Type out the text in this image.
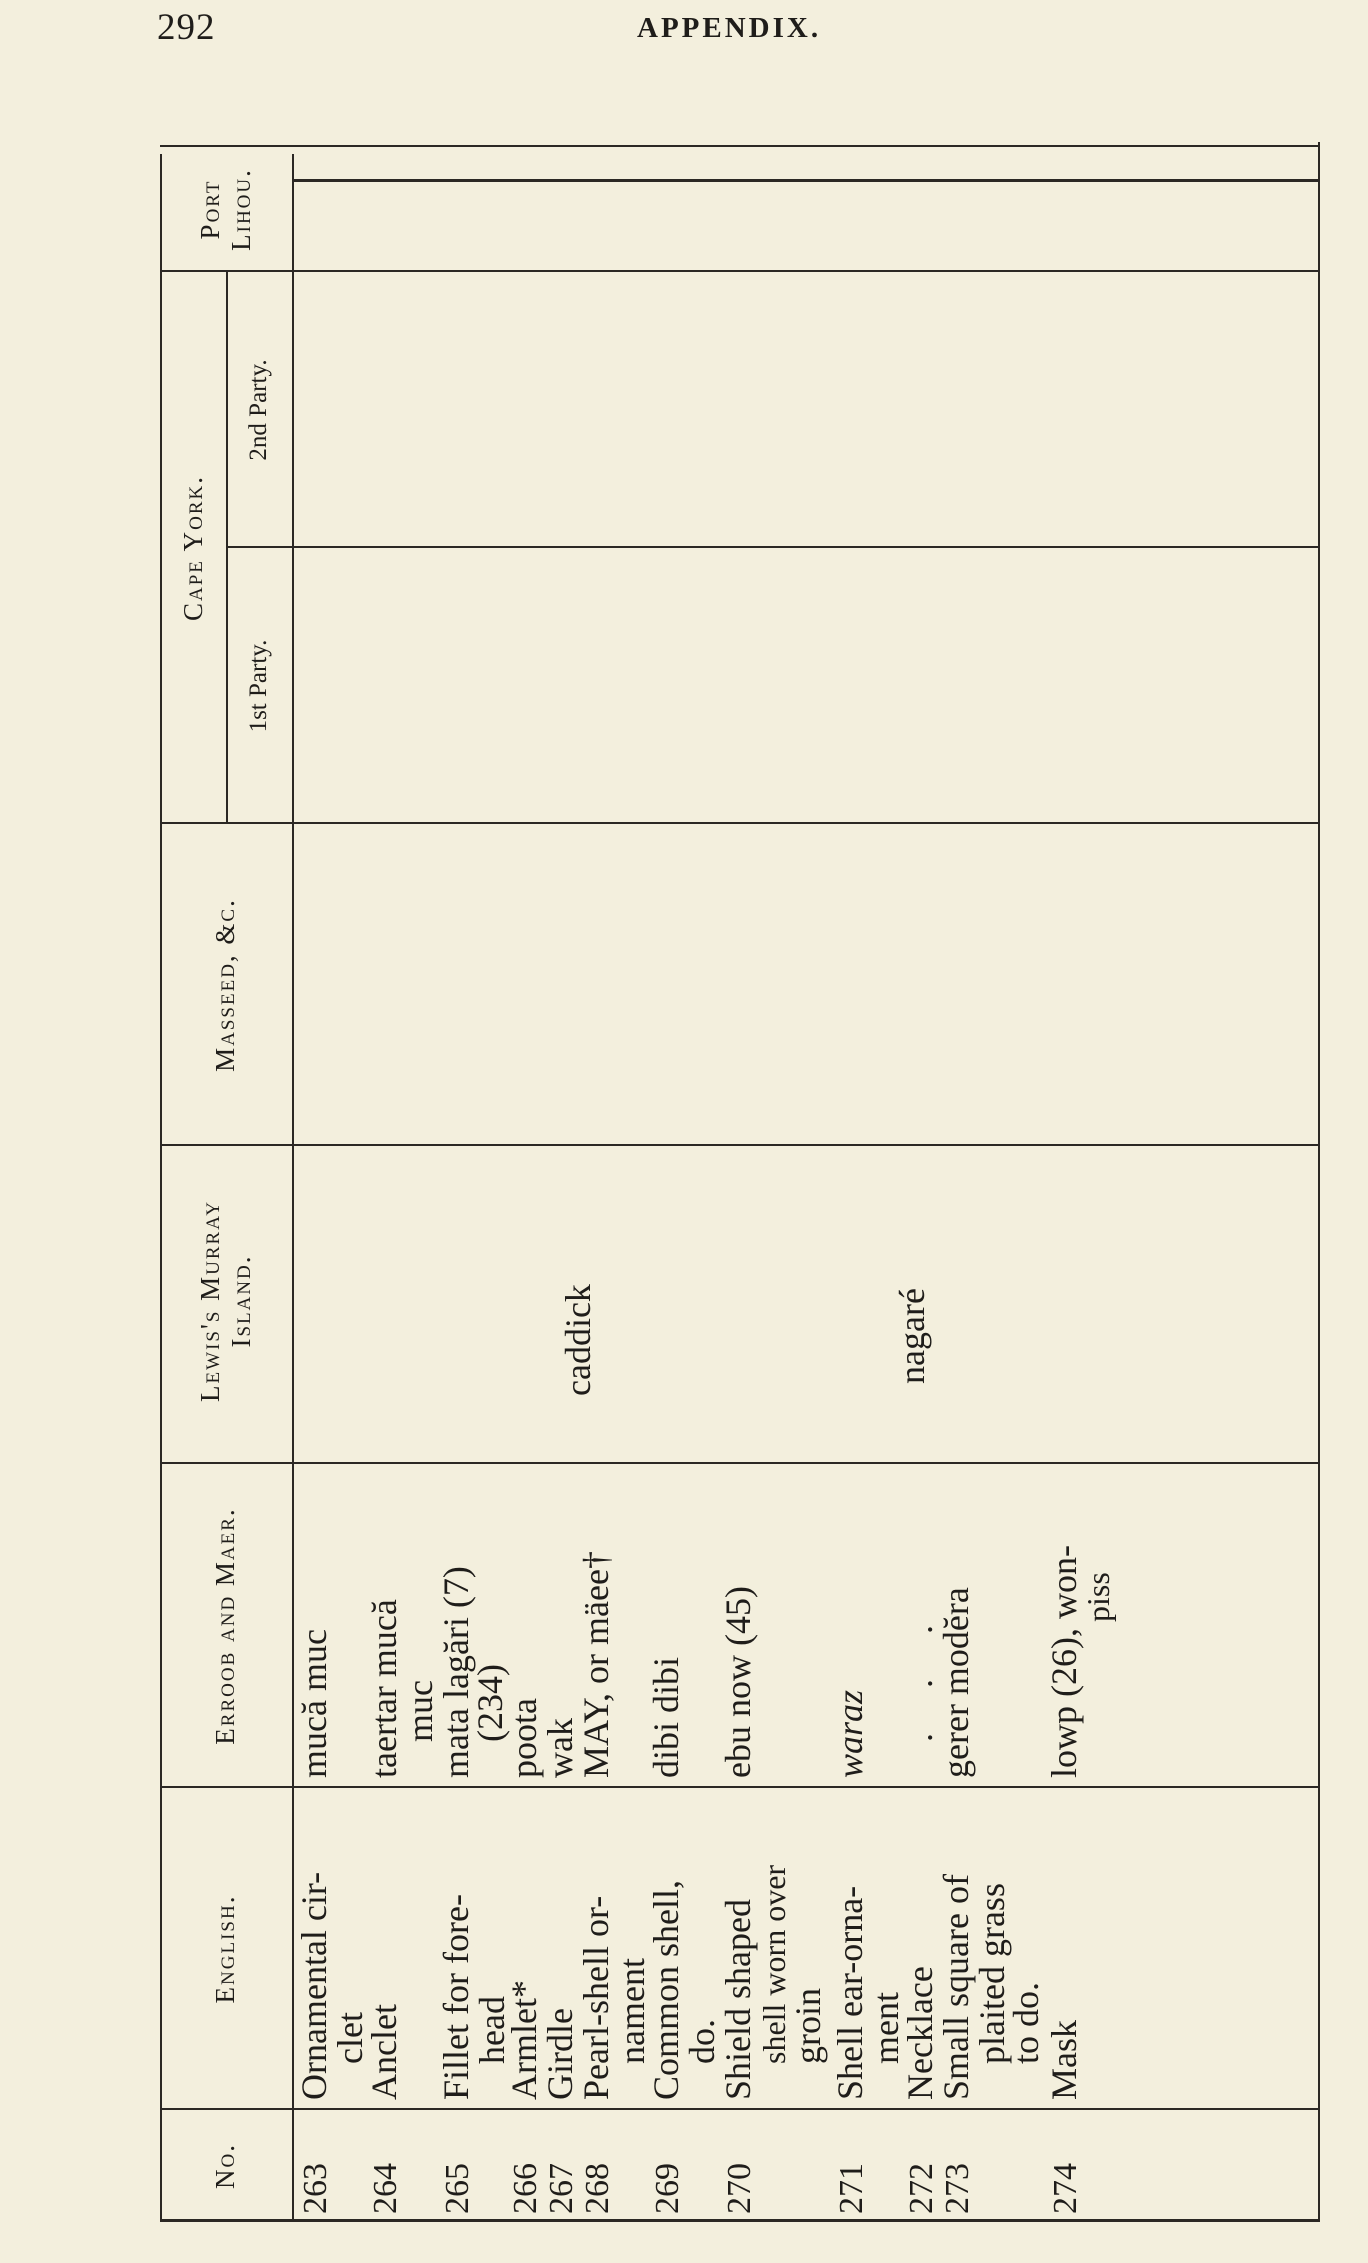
292	APPENDIX.
No.
English.
Erroob and Maer.
Lewis's Murray Island.
Masseed, &c.
Cape York.
1st Party.
2nd Party.
Port Lihou.
263 264 265 266 267 268 269 270 271 272 273 274
Ornamental cir-
clet
Anclet Fillet for fore-
head
Armlet*
Girdle
Pearl-shell or-
nament
Common shell,
do.
Shield shaped
shell worn over
groin Shell ear-orna-
ment
Necklace
Small square of
plaited grass
to do.
Mask
mucă muc taertar mucă
muc
mata lagări (7)
(234)
poota
wak
MAY, or mäee† dibi dibi ebu now (45) waraz . . .
gerer modĕra lowp (26), won-
piss
caddick	nagaré
